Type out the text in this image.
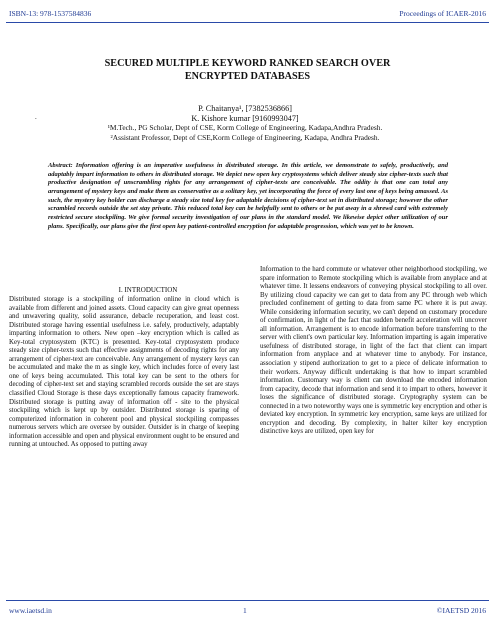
ISBN-13: 978-1537584836	Proceedings of ICAER-2016
SECURED MULTIPLE KEYWORD RANKED SEARCH OVER
ENCRYPTED DATABASES
.
P. Chaitanya¹, [7382536866]
K. Kishore kumar [9160993047]
¹M.Tech., PG Scholar, Dept of CSE, Korm College of Engineering, Kadapa,Andhra Pradesh.
²Assistant Professor, Dept of CSE,Korm College of Engineering, Kadapa, Andhra Pradesh.
Abstract: Information offering is an imperative usefulness in distributed storage. In this article, we demonstrate to safely, productively, and adaptably impart information to others in distributed storage. We depict new open key cryptosystems which deliver steady size cipher-texts such that productive designation of unscrambling rights for any arrangement of cipher-texts are conceivable. The oddity is that one can total any arrangement of mystery keys and make them as conservative as a solitary key, yet incorporating the force of every last one of keys being amassed. As such, the mystery key holder can discharge a steady size total key for adaptable decisions of cipher-text set in distributed storage; however the other scrambled records outside the set stay private. This reduced total key can be helpfully sent to others or be put away in a shrewd card with extremely restricted secure stockpiling. We give formal security investigation of our plans in the standard model. We likewise depict other utilization of our plans. Specifically, our plans give the first open key patient-controlled encryption for adaptable progression, which was yet to be known.
I. INTRODUCTION

Distributed storage is a stockpiling of information online in cloud which is available from different and joined assets. Cloud capacity can give great openness and unwavering quality, solid assurance, debacle recuperation, and least cost. Distributed storage having essential usefulness i.e. safely, productively, adaptably imparting information to others. New open –key encryption which is called as Key-total cryptosystem (KTC) is presented. Key-total cryptosystem produce steady size cipher-texts such that effective assignments of decoding rights for any arrangement of cipher-text are conceivable. Any arrangement of mystery keys can be accumulated and make the m as single key, which includes force of every last one of keys being accumulated. This total key can be sent to the others for decoding of cipher-text set and staying scrambled records outside the set are stays classified Cloud Storage is these days exceptionally famous capacity framework. Distributed storage is putting away of information off - site to the physical stockpiling which is kept up by outsider. Distributed storage is sparing of computerized information in coherent pool and physical stockpiling compasses numerous servers which are oversee by outsider. Outsider is in charge of keeping information accessible and open and physical environment ought to be ensured and running at untouched. As opposed to putting away

Information to the hard commute or whatever other neighborhood stockpiling, we spare information to Remote stockpiling which is available from anyplace and at whatever time. It lessens endeavors of conveying physical stockpiling to all over. By utilizing cloud capacity we can get to data from any PC through web which precluded confinement of getting to data from same PC where it is put away. While considering information security, we can't depend on customary procedure of confirmation, in light of the fact that sudden benefit acceleration will uncover all information. Arrangement is to encode information before transferring to the server with client's own particular key. Information imparting is again imperative usefulness of distributed storage, in light of the fact that client can impart information from anyplace and at whatever time to anybody. For instance, association y stipend authorization to get to a piece of delicate information to their workers. Anyway difficult undertaking is that how to impart scrambled information. Customary way is client can download the encoded information from capacity, decode that information and send it to impart to others, however it loses the significance of distributed storage. Cryptography system can be connected in a two noteworthy ways one is symmetric key encryption and other is deviated key encryption. In symmetric key encryption, same keys are utilized for encryption and decoding. By complexity, in halter kilter key encryption distinctive keys are utilized, open key for

www.iaetsd.in	1	©IAETSD 2016
